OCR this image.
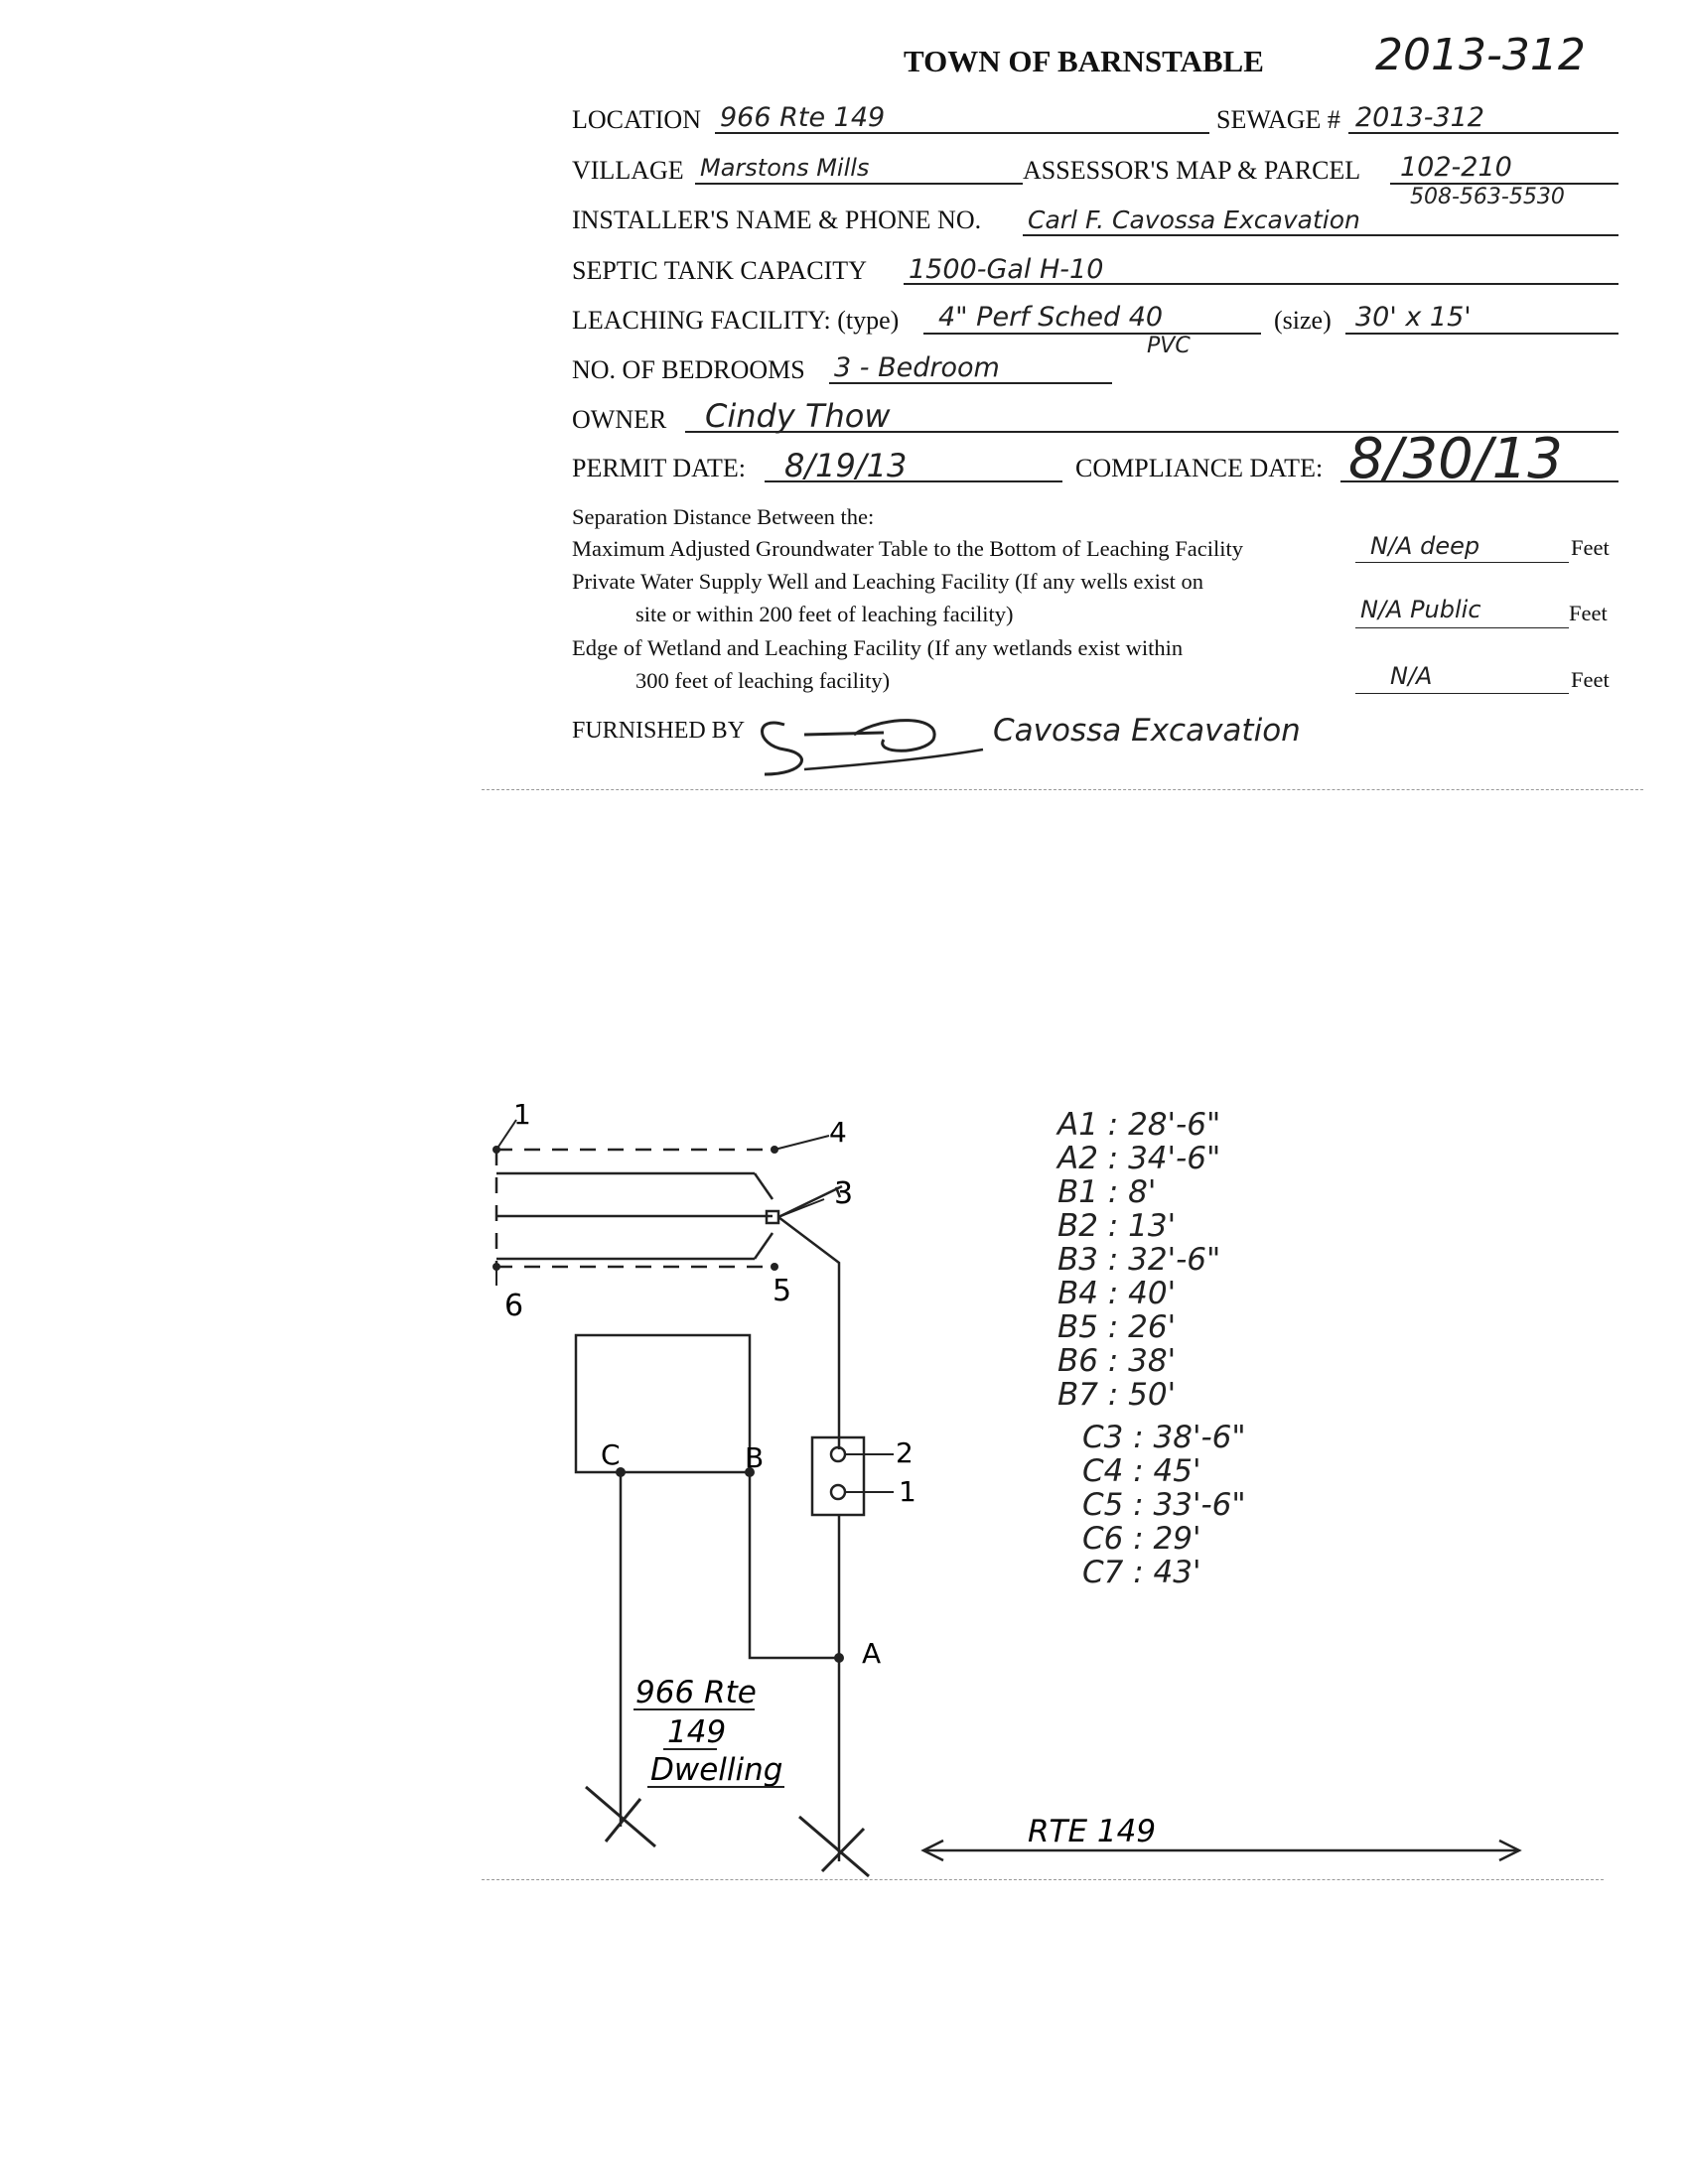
TOWN OF BARNSTABLE	2013-312
LOCATION 966 Rte 149	SEWAGE # 2013-312
VILLAGE Marstons Mills	ASSESSOR'S MAP & PARCEL 102-210
508-563-5530
INSTALLER'S NAME & PHONE NO. Carl F. Cavossa Excavation
SEPTIC TANK CAPACITY 1500-Gal H-10
LEACHING FACILITY: (type) 4" Perf Sched 40
PVC
(size) 30' x 15'
NO. OF BEDROOMS 3 - Bedroom
OWNER Cindy Thow
PERMIT DATE: 8/19/13	COMPLIANCE DATE: 8/30/13
Separation Distance Between the:
Maximum Adjusted Groundwater Table to the Bottom of Leaching Facility	N/A deep	Feet
Private Water Supply Well and Leaching Facility (If any wells exist on
site or within 200 feet of leaching facility)	N/A Public	Feet
Edge of Wetland and Leaching Facility (If any wetlands exist within
300 feet of leaching facility)	N/A	Feet
FURNISHED BY	Cavossa Excavation
1
4
3
5
6
C	B	2
1
A
966 Rte
149
Dwelling
RTE 149
A1 : 28'-6"
A2 : 34'-6"
B1 : 8'
B2 : 13'
B3 : 32'-6"
B4 : 40'
B5 : 26'
B6 : 38'
B7 : 50'
C3 : 38'-6"
C4 : 45'
C5 : 33'-6"
C6 : 29'
C7 : 43'
